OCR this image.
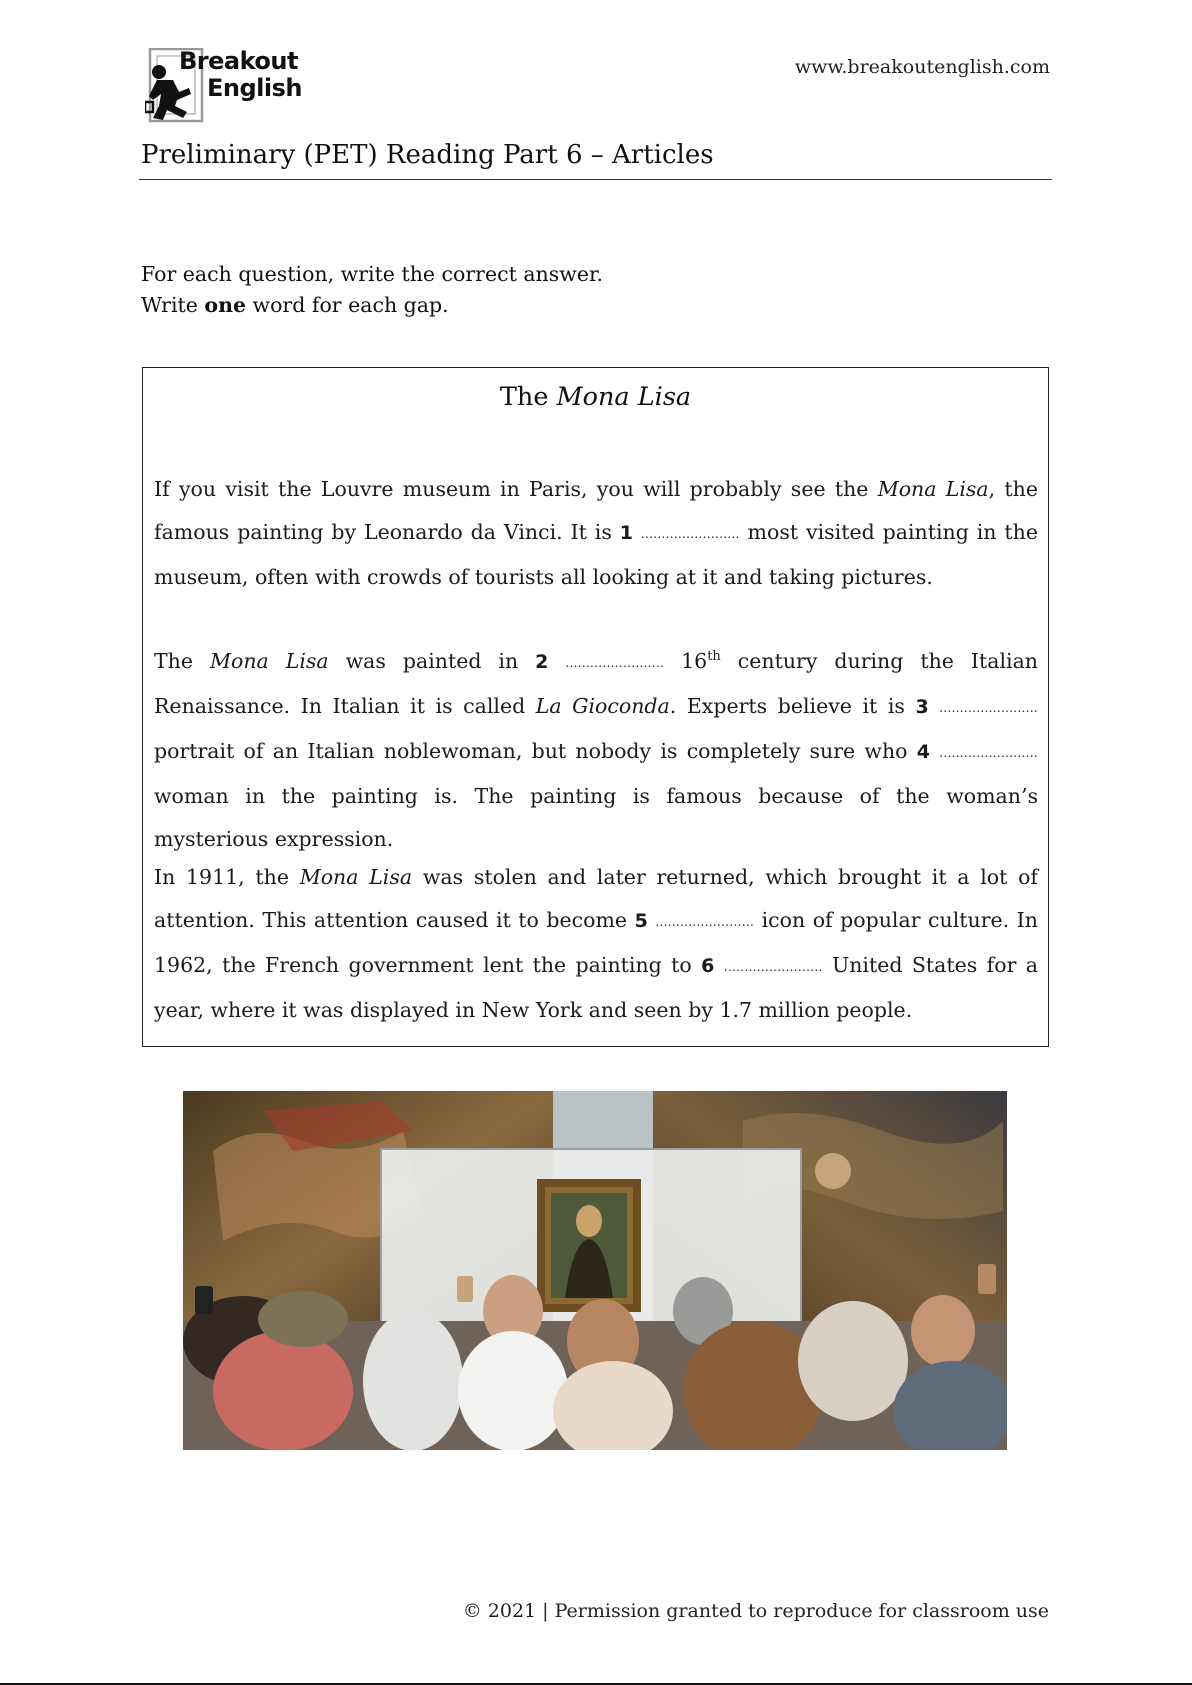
Breakout
English
www.breakoutenglish.com
Preliminary (PET) Reading Part 6 – Articles
For each question, write the correct answer.
Write one word for each gap.
The Mona Lisa

If you visit the Louvre museum in Paris, you will probably see the Mona Lisa, the famous painting by Leonardo da Vinci. It is 1 ........................ most visited painting in the museum, often with crowds of tourists all looking at it and taking pictures.

The Mona Lisa was painted in 2 ........................ 16th century during the Italian Renaissance. In Italian it is called La Gioconda. Experts believe it is 3 ........................ portrait of an Italian noblewoman, but nobody is completely sure who 4 ........................ woman in the painting is. The painting is famous because of the woman’s mysterious expression.

In 1911, the Mona Lisa was stolen and later returned, which brought it a lot of attention. This attention caused it to become 5 ........................ icon of popular culture. In 1962, the French government lent the painting to 6 ........................ United States for a year, where it was displayed in New York and seen by 1.7 million people.

© 2021 | Permission granted to reproduce for classroom use
